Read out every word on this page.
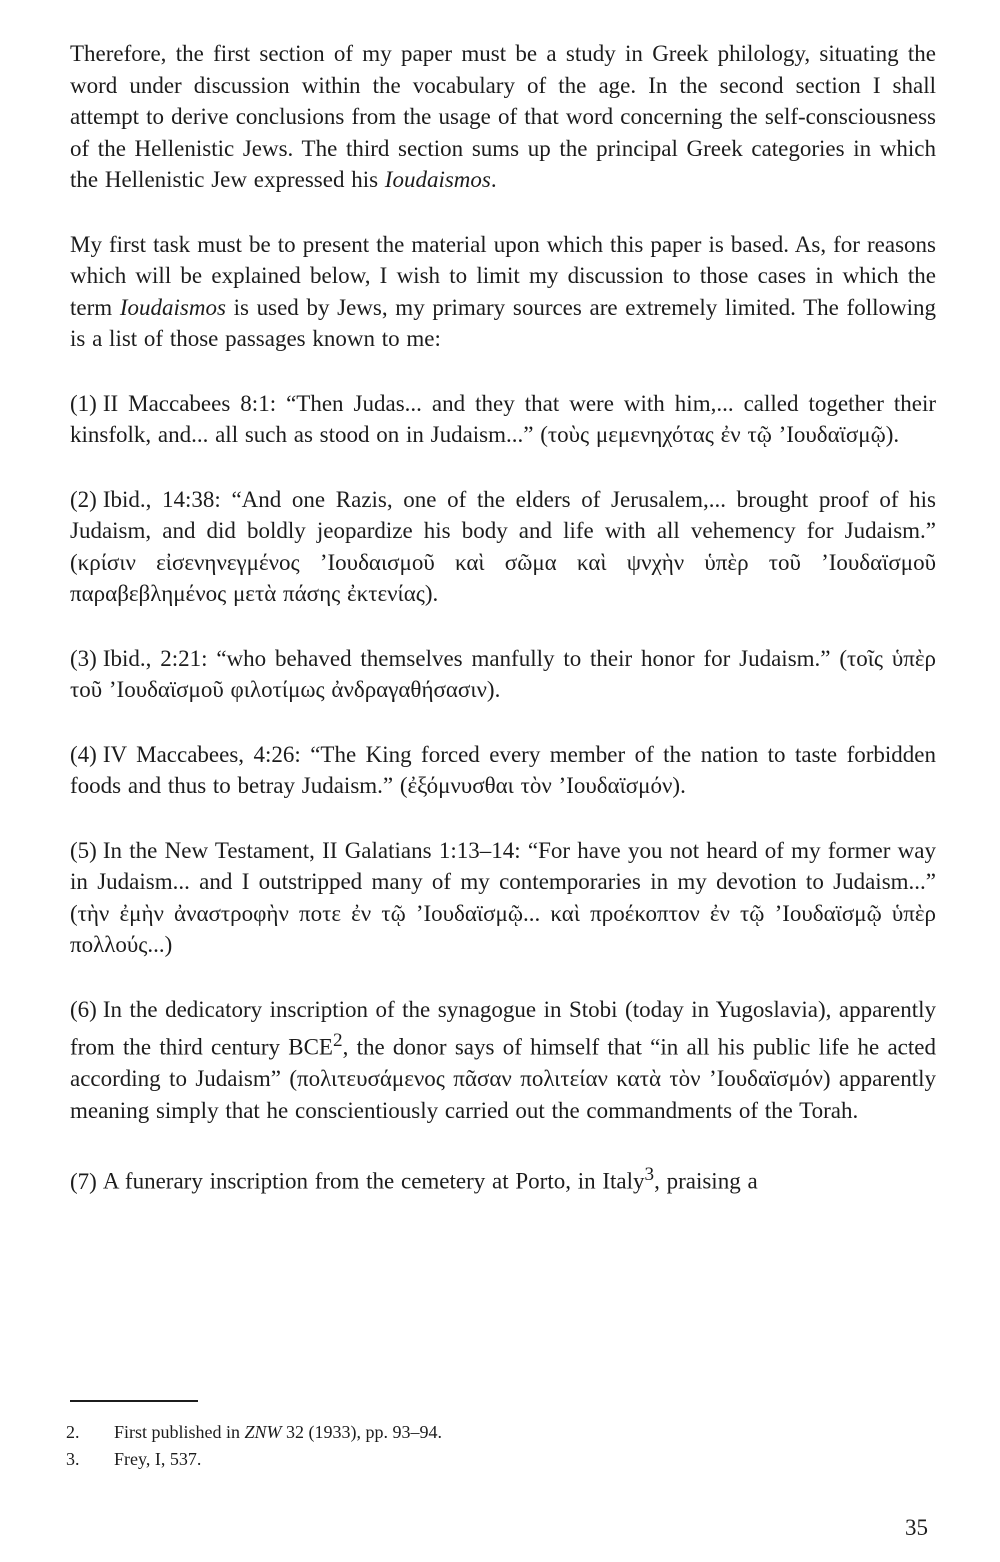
Therefore, the first section of my paper must be a study in Greek philology, situating the word under discussion within the vocabulary of the age. In the second section I shall attempt to derive conclusions from the usage of that word concerning the self-consciousness of the Hellenistic Jews. The third section sums up the principal Greek categories in which the Hellenistic Jew expressed his Ioudaismos.

My first task must be to present the material upon which this paper is based. As, for reasons which will be explained below, I wish to limit my discussion to those cases in which the term Ioudaismos is used by Jews, my primary sources are extremely limited. The following is a list of those passages known to me:

(1) II Maccabees 8:1: “Then Judas... and they that were with him,... called together their kinsfolk, and... all such as stood on in Judaism...” (τοὺς μεμενηχότας ἐν τῷ ’Ιουδαϊσμῷ).

(2) Ibid., 14:38: “And one Razis, one of the elders of Jerusalem,... brought proof of his Judaism, and did boldly jeopardize his body and life with all vehemency for Judaism.” (κρίσιν εἰσενηνεγμένος ’Ιουδαισμοῦ καὶ σῶμα καὶ ψνχὴν ὑπὲρ τοῦ ’Ιουδαϊσμοῦ παραβεβλημένος μετὰ πάσης ἐκτενίας).

(3) Ibid., 2:21: “who behaved themselves manfully to their honor for Judaism.” (τοῖς ὑπὲρ τοῦ ’Ιουδαϊσμοῦ φιλοτίμως ἀνδραγαθήσασιν).

(4) IV Maccabees, 4:26: “The King forced every member of the nation to taste forbidden foods and thus to betray Judaism.” (ἐξόμνυσθαι τὸν ’Ιουδαϊσμόν).

(5) In the New Testament, II Galatians 1:13–14: “For have you not heard of my former way in Judaism... and I outstripped many of my contemporaries in my devotion to Judaism...” (τὴν ἐμὴν ἀναστροφὴν ποτε ἐν τῷ ’Ιουδαϊσμῷ... καὶ προέκοπτον ἐν τῷ ’Ιουδαϊσμῷ ὑπὲρ πολλούς...)

(6) In the dedicatory inscription of the synagogue in Stobi (today in Yugoslavia), apparently from the third century BCE$^2$, the donor says of himself that “in all his public life he acted according to Judaism” (πολιτευσάμενος πᾶσαν πολιτείαν κατὰ τὸν ’Ιουδαϊσμόν) apparently meaning simply that he conscientiously carried out the commandments of the Torah.

(7) A funerary inscription from the cemetery at Porto, in Italy$^3$, praising a

2.	First published in ZNW 32 (1933), pp. 93–94.
3.	Frey, I, 537.
35
